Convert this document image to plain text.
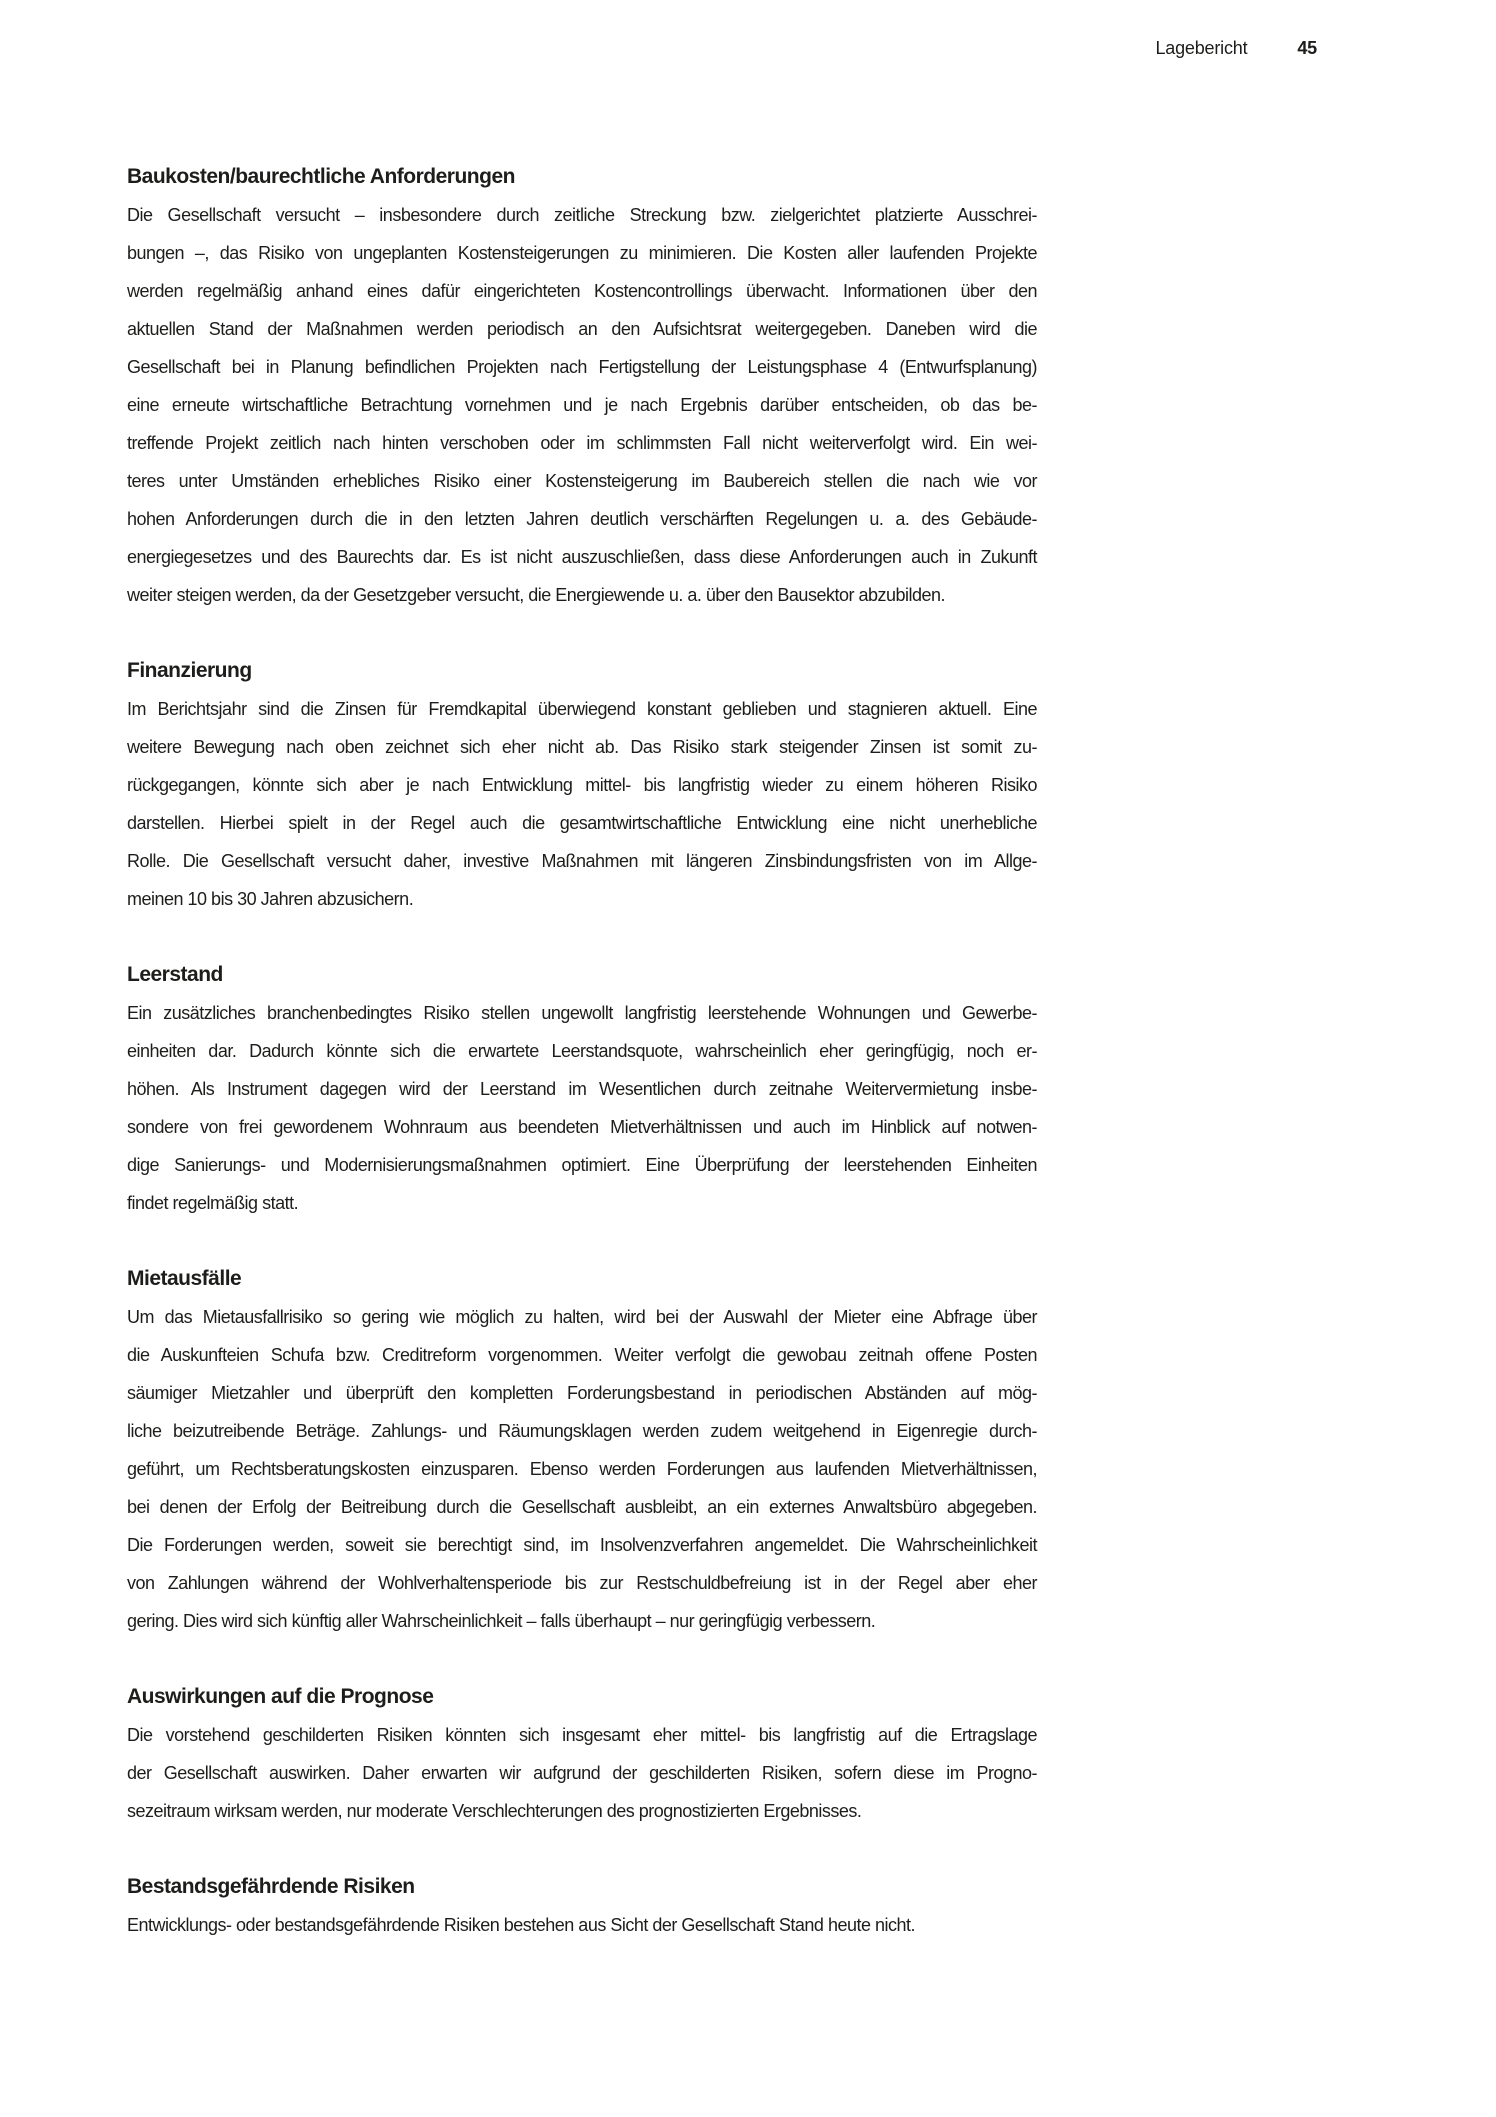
Lagebericht	45
Baukosten/baurechtliche Anforderungen
Die Gesellschaft versucht – insbesondere durch zeitliche Streckung bzw. zielgerichtet platzierte Ausschrei-
bungen –, das Risiko von ungeplanten Kostensteigerungen zu minimieren. Die Kosten aller laufenden Projekte
werden regelmäßig anhand eines dafür eingerichteten Kostencontrollings überwacht. Informationen über den
aktuellen Stand der Maßnahmen werden periodisch an den Aufsichtsrat weitergegeben. Daneben wird die
Gesellschaft bei in Planung befindlichen Projekten nach Fertigstellung der Leistungsphase 4 (Entwurfsplanung)
eine erneute wirtschaftliche Betrachtung vornehmen und je nach Ergebnis darüber entscheiden, ob das be-
treffende Projekt zeitlich nach hinten verschoben oder im schlimmsten Fall nicht weiterverfolgt wird. Ein wei-
teres unter Umständen erhebliches Risiko einer Kostensteigerung im Baubereich stellen die nach wie vor
hohen Anforderungen durch die in den letzten Jahren deutlich verschärften Regelungen u. a. des Gebäude-
energiegesetzes und des Baurechts dar. Es ist nicht auszuschließen, dass diese Anforderungen auch in Zukunft
weiter steigen werden, da der Gesetzgeber versucht, die Energiewende u. a. über den Bausektor abzubilden.
Finanzierung
Im Berichtsjahr sind die Zinsen für Fremdkapital überwiegend konstant geblieben und stagnieren aktuell. Eine
weitere Bewegung nach oben zeichnet sich eher nicht ab. Das Risiko stark steigender Zinsen ist somit zu-
rückgegangen, könnte sich aber je nach Entwicklung mittel- bis langfristig wieder zu einem höheren Risiko
darstellen. Hierbei spielt in der Regel auch die gesamtwirtschaftliche Entwicklung eine nicht unerhebliche
Rolle. Die Gesellschaft versucht daher, investive Maßnahmen mit längeren Zinsbindungsfristen von im Allge-
meinen 10 bis 30 Jahren abzusichern.
Leerstand
Ein zusätzliches branchenbedingtes Risiko stellen ungewollt langfristig leerstehende Wohnungen und Gewerbe-
einheiten dar. Dadurch könnte sich die erwartete Leerstandsquote, wahrscheinlich eher geringfügig, noch er-
höhen. Als Instrument dagegen wird der Leerstand im Wesentlichen durch zeitnahe Weitervermietung insbe-
sondere von frei gewordenem Wohnraum aus beendeten Mietverhältnissen und auch im Hinblick auf notwen-
dige Sanierungs- und Modernisierungsmaßnahmen optimiert. Eine Überprüfung der leerstehenden Einheiten
findet regelmäßig statt.
Mietausfälle
Um das Mietausfallrisiko so gering wie möglich zu halten, wird bei der Auswahl der Mieter eine Abfrage über
die Auskunfteien Schufa bzw. Creditreform vorgenommen. Weiter verfolgt die gewobau zeitnah offene Posten
säumiger Mietzahler und überprüft den kompletten Forderungsbestand in periodischen Abständen auf mög-
liche beizutreibende Beträge. Zahlungs- und Räumungsklagen werden zudem weitgehend in Eigenregie durch-
geführt, um Rechtsberatungskosten einzusparen. Ebenso werden Forderungen aus laufenden Mietverhältnissen,
bei denen der Erfolg der Beitreibung durch die Gesellschaft ausbleibt, an ein externes Anwaltsbüro abgegeben.
Die Forderungen werden, soweit sie berechtigt sind, im Insolvenzverfahren angemeldet. Die Wahrscheinlichkeit
von Zahlungen während der Wohlverhaltensperiode bis zur Restschuldbefreiung ist in der Regel aber eher
gering. Dies wird sich künftig aller Wahrscheinlichkeit – falls überhaupt – nur geringfügig verbessern.
Auswirkungen auf die Prognose
Die vorstehend geschilderten Risiken könnten sich insgesamt eher mittel- bis langfristig auf die Ertragslage
der Gesellschaft auswirken. Daher erwarten wir aufgrund der geschilderten Risiken, sofern diese im Progno-
sezeitraum wirksam werden, nur moderate Verschlechterungen des prognostizierten Ergebnisses.
Bestandsgefährdende Risiken
Entwicklungs- oder bestandsgefährdende Risiken bestehen aus Sicht der Gesellschaft Stand heute nicht.
